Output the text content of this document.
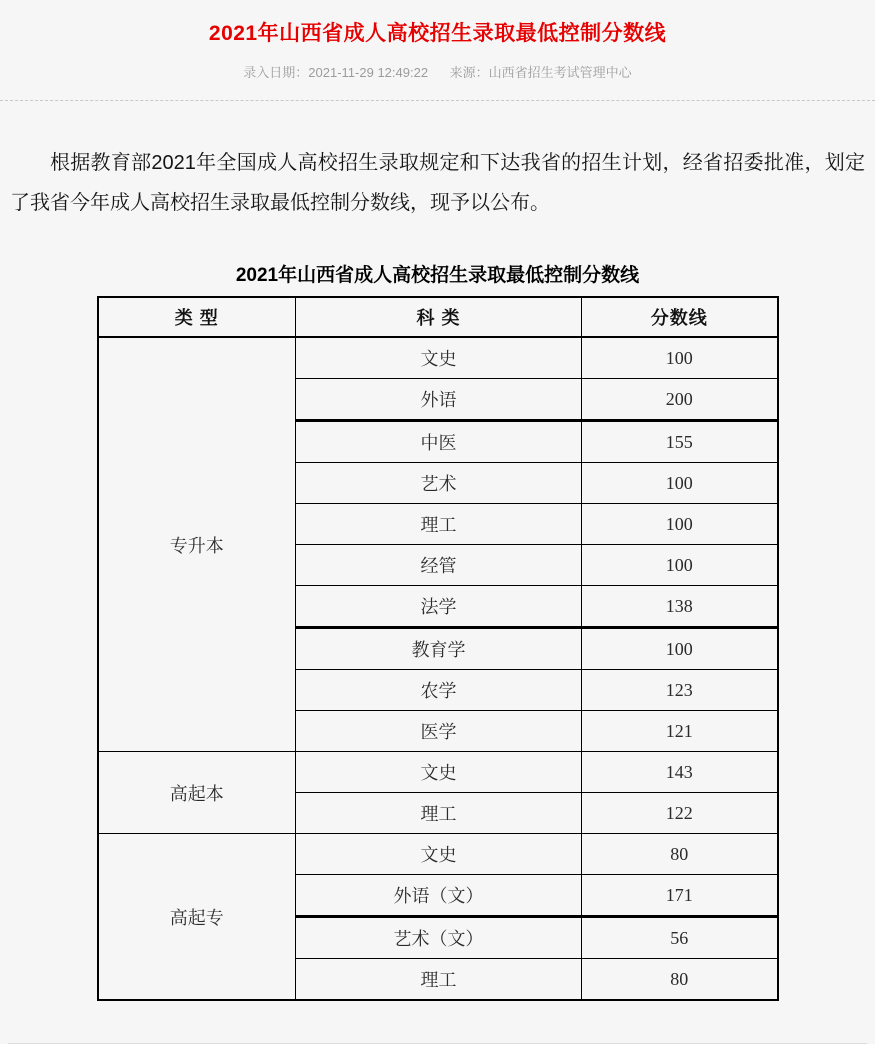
2021年山西省成人高校招生录取最低控制分数线
录入日期：2021-11-29 12:49:22 来源：山西省招生考试管理中心

根据教育部2021年全国成人高校招生录取规定和下达我省的招生计划，经省招委批准，划定了我省今年成人高校招生录取最低控制分数线，现予以公布。

2021年山西省成人高校招生录取最低控制分数线
类 型	科 类	分数线
专升本	文史	100
	外语	200
	中医	155
	艺术	100
	理工	100
	经管	100
	法学	138
	教育学	100
	农学	123
	医学	121
高起本	文史	143
	理工	122
高起专	文史	80
	外语（文）	171
	艺术（文）	56
	理工	80
